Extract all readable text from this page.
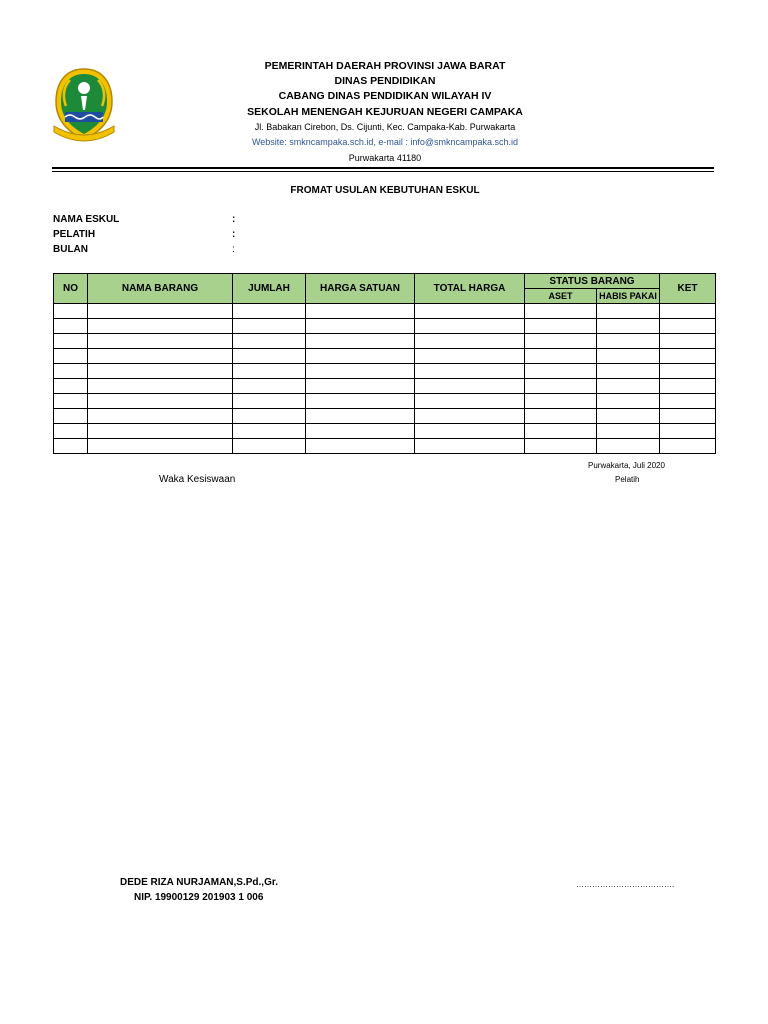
PEMERINTAH DAERAH PROVINSI JAWA BARAT
DINAS PENDIDIKAN
CABANG DINAS PENDIDIKAN WILAYAH IV
SEKOLAH MENENGAH KEJURUAN NEGERI CAMPAKA
Jl. Babakan Cirebon, Ds. Cijunti, Kec. Campaka-Kab. Purwakarta
Website: smkncampaka.sch.id, e-mail : info@smkncampaka.sch.id
Purwakarta 41180
FROMAT USULAN KEBUTUHAN ESKUL
NAMA ESKUL	:
PELATIH	:
BULAN	:
NO	NAMA BARANG	JUMLAH	HARGA SATUAN	TOTAL HARGA	STATUS BARANG		KET
					ASET	HABIS PAKAI	

Purwakarta, Juli 2020
Waka Kesiswaan	Pelatih
DEDE RIZA NURJAMAN,S.Pd.,Gr.
NIP. 19900129 201903 1 006
……………………………….
